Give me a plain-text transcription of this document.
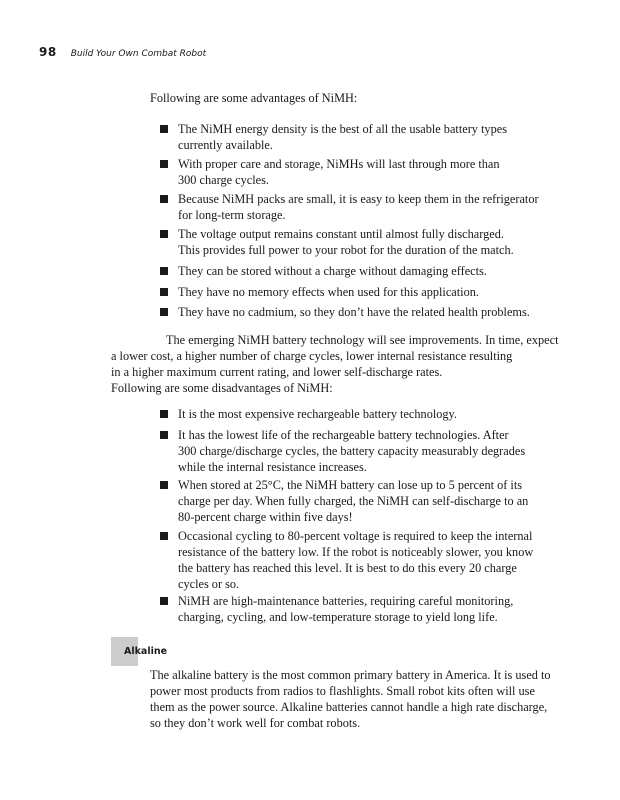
98 Build Your Own Combat Robot
Following are some advantages of NiMH:
The NiMH energy density is the best of all the usable battery types
currently available.
With proper care and storage, NiMHs will last through more than
300 charge cycles.
Because NiMH packs are small, it is easy to keep them in the refrigerator
for long-term storage.
The voltage output remains constant until almost fully discharged.
This provides full power to your robot for the duration of the match.
They can be stored without a charge without damaging effects.
They have no memory effects when used for this application.
They have no cadmium, so they don’t have the related health problems.
The emerging NiMH battery technology will see improvements. In time, expect
a lower cost, a higher number of charge cycles, lower internal resistance resulting
in a higher maximum current rating, and lower self-discharge rates.
Following are some disadvantages of NiMH:
It is the most expensive rechargeable battery technology.
It has the lowest life of the rechargeable battery technologies. After
300 charge/discharge cycles, the battery capacity measurably degrades
while the internal resistance increases.
When stored at 25°C, the NiMH battery can lose up to 5 percent of its
charge per day. When fully charged, the NiMH can self-discharge to an
80-percent charge within five days!
Occasional cycling to 80-percent voltage is required to keep the internal
resistance of the battery low. If the robot is noticeably slower, you know
the battery has reached this level. It is best to do this every 20 charge
cycles or so.
NiMH are high-maintenance batteries, requiring careful monitoring,
charging, cycling, and low-temperature storage to yield long life.
Alkaline
The alkaline battery is the most common primary battery in America. It is used to
power most products from radios to flashlights. Small robot kits often will use
them as the power source. Alkaline batteries cannot handle a high rate discharge,
so they don’t work well for combat robots.
